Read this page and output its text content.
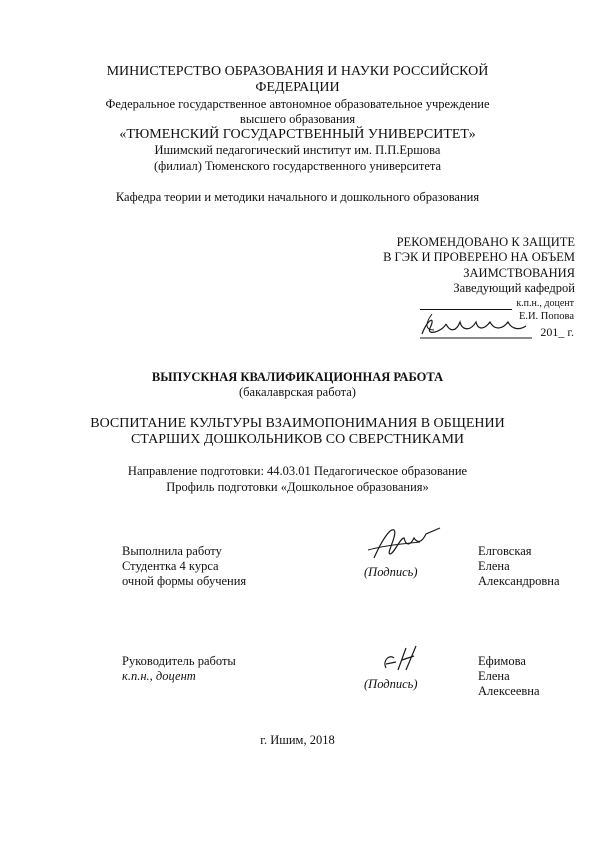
МИНИСТЕРСТВО ОБРАЗОВАНИЯ И НАУКИ РОССИЙСКОЙ
ФЕДЕРАЦИИ
Федеральное государственное автономное образовательное учреждение
высшего образования
«ТЮМЕНСКИЙ ГОСУДАРСТВЕННЫЙ УНИВЕРСИТЕТ»
Ишимский педагогический институт им. П.П.Ершова
(филиал) Тюменского государственного университета
Кафедра теории и методики начального и дошкольного образования
РЕКОМЕНДОВАНО К ЗАЩИТЕ
В ГЭК И ПРОВЕРЕНО НА ОБЪЕМ
ЗАИМСТВОВАНИЯ
Заведующий кафедрой
к.п.н., доцент
Е.И. Попова
201_ г.
ВЫПУСКНАЯ КВАЛИФИКАЦИОННАЯ РАБОТА
(бакалаврская работа)
ВОСПИТАНИЕ КУЛЬТУРЫ ВЗАИМОПОНИМАНИЯ В ОБЩЕНИИ
СТАРШИХ ДОШКОЛЬНИКОВ СО СВЕРСТНИКАМИ
Направление подготовки: 44.03.01 Педагогическое образование
Профиль подготовки «Дошкольное образования»
Выполнила работу
Студентка 4 курса
очной формы обучения
(Подпись)
Елговская
Елена
Александровна
Руководитель работы
к.п.н., доцент
(Подпись)
Ефимова
Елена
Алексеевна
г. Ишим, 2018
